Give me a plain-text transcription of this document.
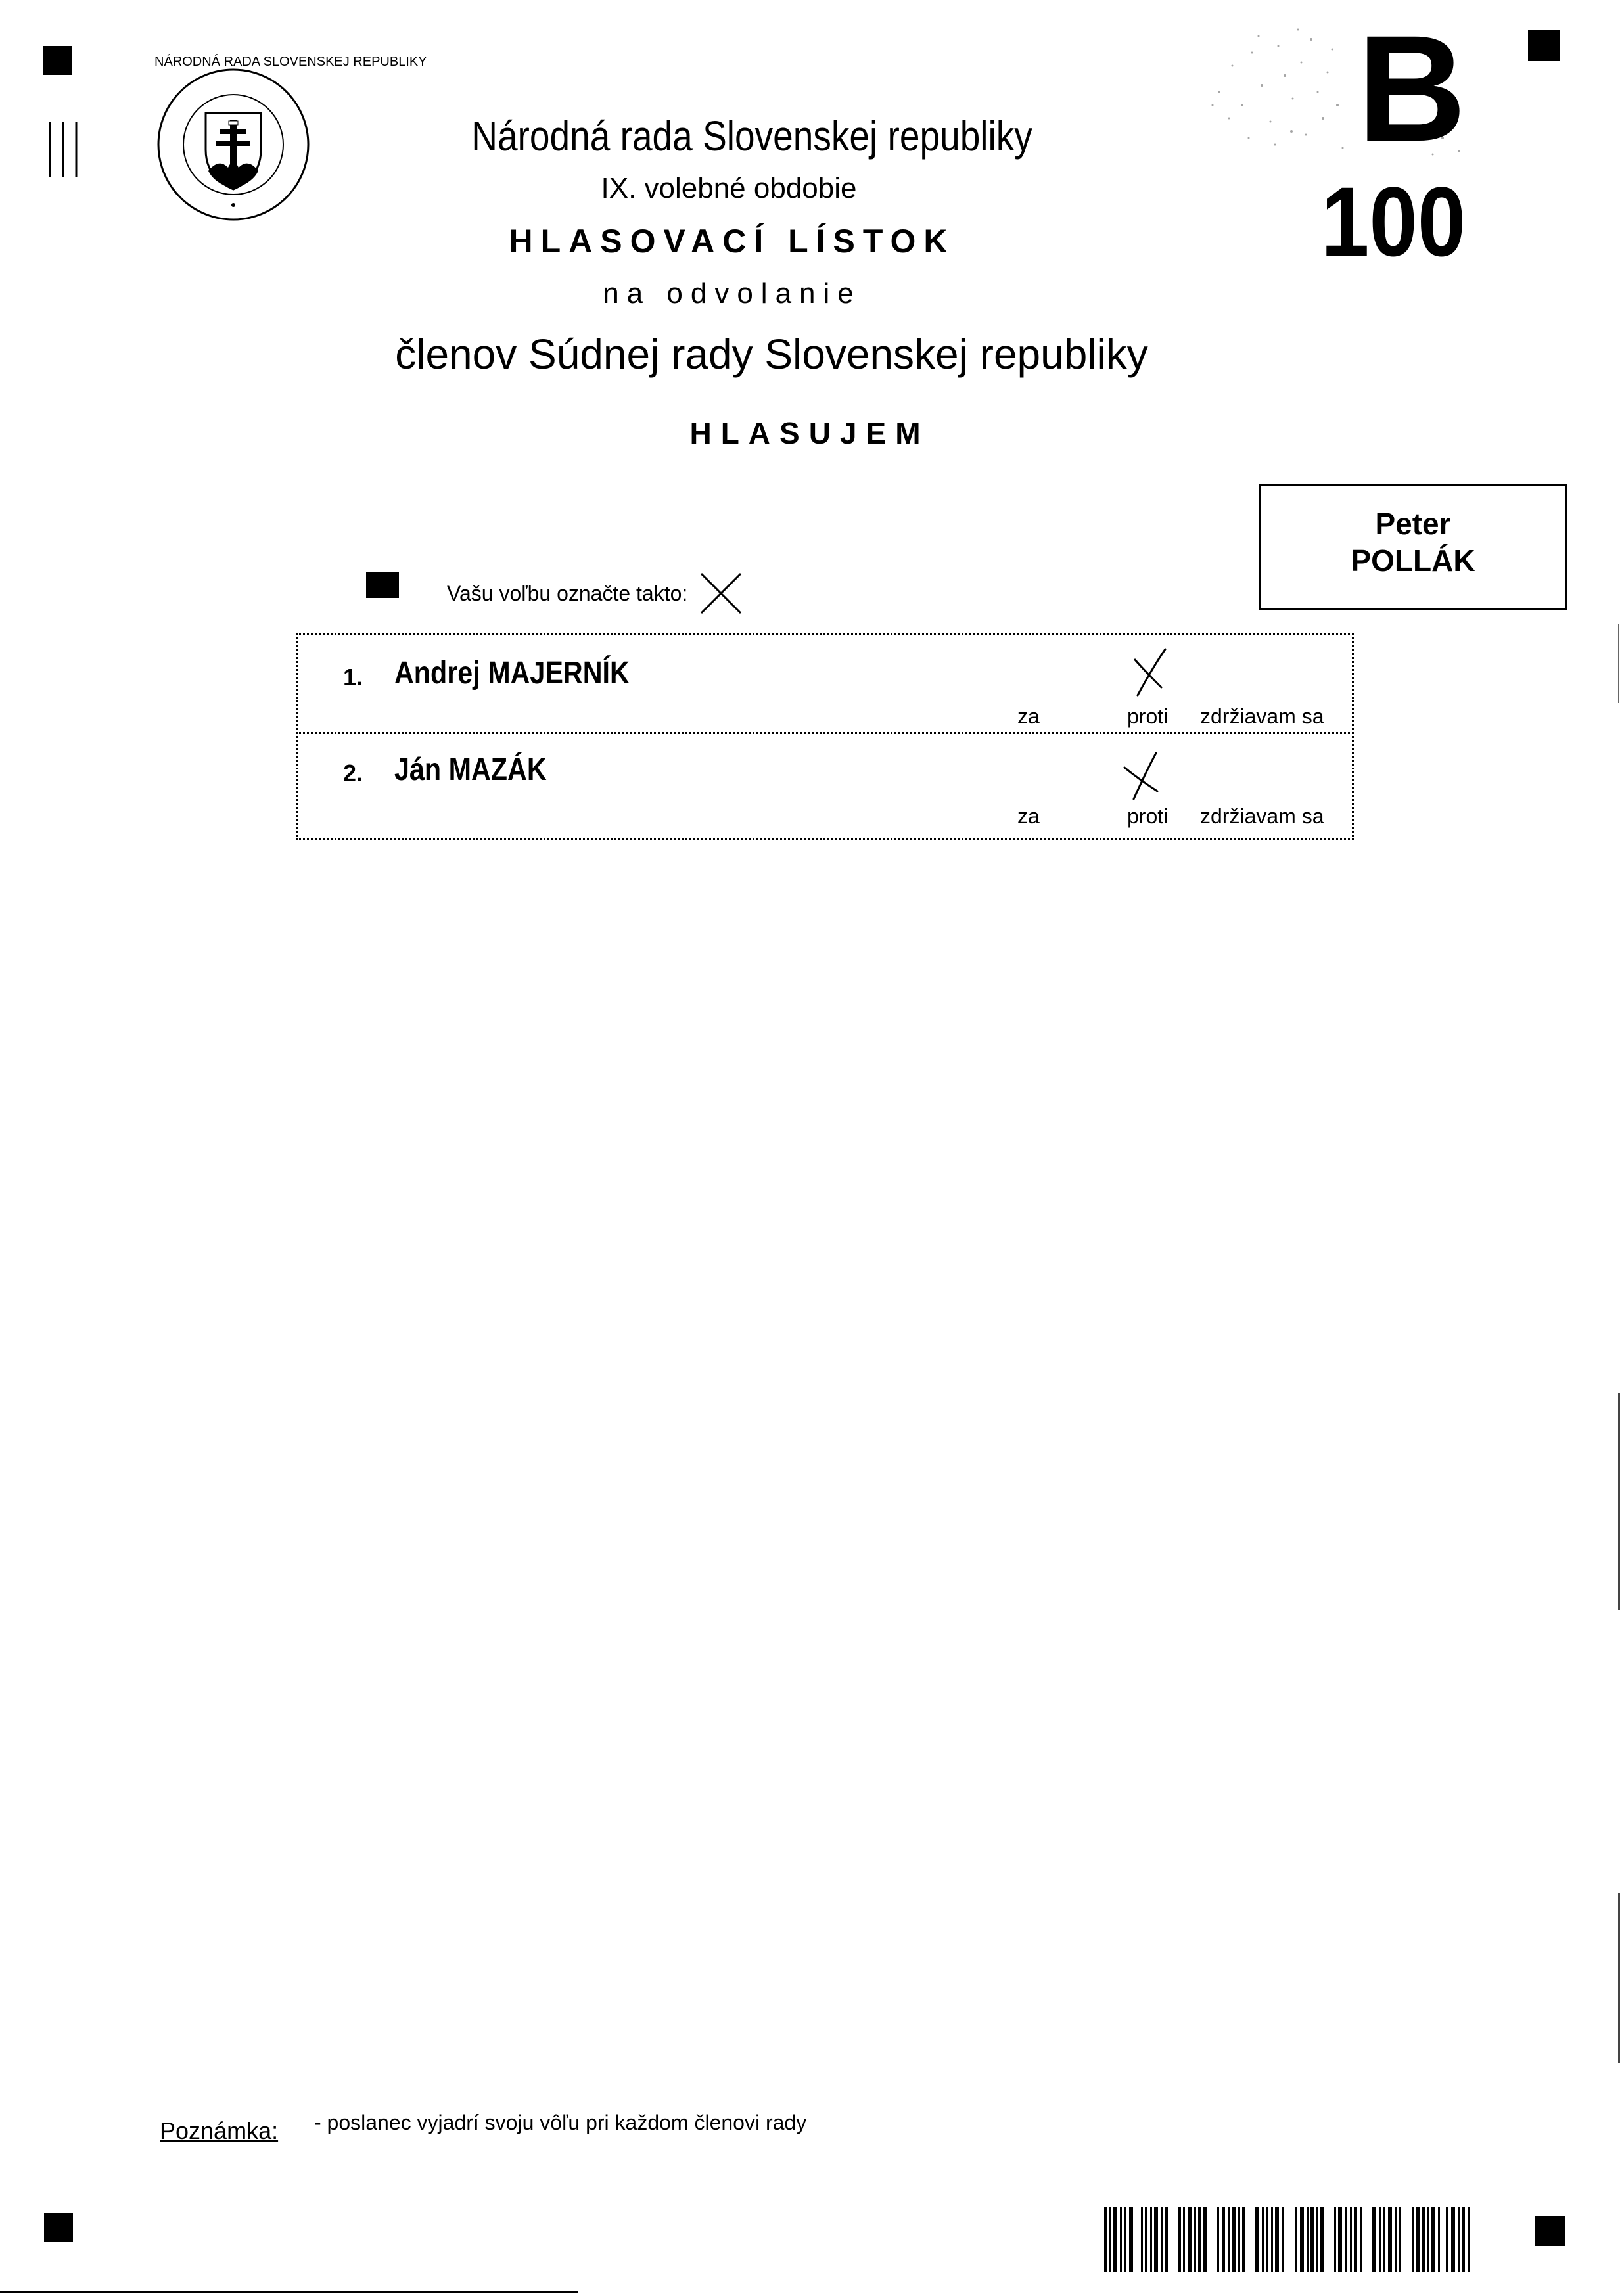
NÁRODNÁ RADA SLOVENSKEJ REPUBLIKY
Národná rada Slovenskej republiky
IX. volebné obdobie
HLASOVACÍ LÍSTOK
na odvolanie
členov Súdnej rady Slovenskej republiky
HLASUJEM
B
100
Peter
POLLÁK
Vašu voľbu označte takto:
1. Andrej MAJERNÍK
za	proti zdržiavam sa
2. Ján MAZÁK
za	proti zdržiavam sa
Poznámka: - poslanec vyjadrí svoju vôľu pri každom členovi rady
